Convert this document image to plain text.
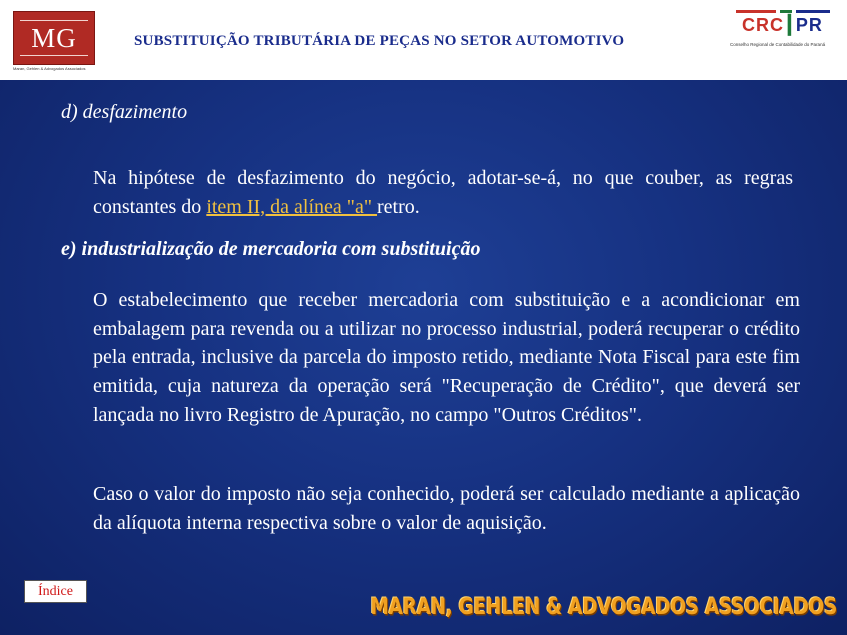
MG
Maran, Gehlen & Advogados Associados
SUBSTITUIÇÃO TRIBUTÁRIA DE PEÇAS NO SETOR AUTOMOTIVO
CRC┃PR
Conselho Regional de Contabilidade do Paraná
d) desfazimento
Na hipótese de desfazimento do negócio, adotar-se-á, no que couber, as regras constantes do item II, da alínea "a" retro.
e) industrialização de mercadoria com substituição
O estabelecimento que receber mercadoria com substituição e a acondicionar em embalagem para revenda ou a utilizar no processo industrial, poderá recuperar o crédito pela entrada, inclusive da parcela do imposto retido, mediante Nota Fiscal para este fim emitida, cuja natureza da operação será "Recuperação de Crédito", que deverá ser lançada no livro Registro de Apuração, no campo "Outros Créditos".
Caso o valor do imposto não seja conhecido, poderá ser calculado mediante a aplicação da alíquota interna respectiva sobre o valor de aquisição.
Índice
MARAN, GEHLEN & ADVOGADOS ASSOCIADOS
